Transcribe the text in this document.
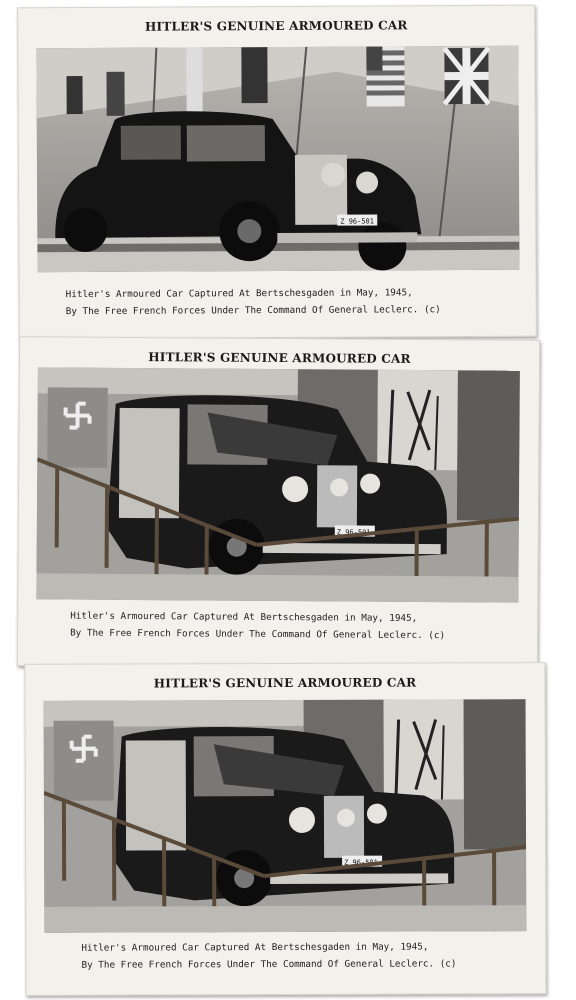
HITLER'S GENUINE ARMOURED CAR
Z 96-501
Hitler's Armoured Car Captured At Bertschesgaden in May, 1945,
By The Free French Forces Under The Command Of General Leclerc. (c)
HITLER'S GENUINE ARMOURED CAR
Z 96-501
Hitler's Armoured Car Captured At Bertschesgaden in May, 1945,
By The Free French Forces Under The Command Of General Leclerc. (c)
HITLER'S GENUINE ARMOURED CAR
Z 96-501
Hitler's Armoured Car Captured At Bertschesgaden in May, 1945,
By The Free French Forces Under The Command Of General Leclerc. (c)
